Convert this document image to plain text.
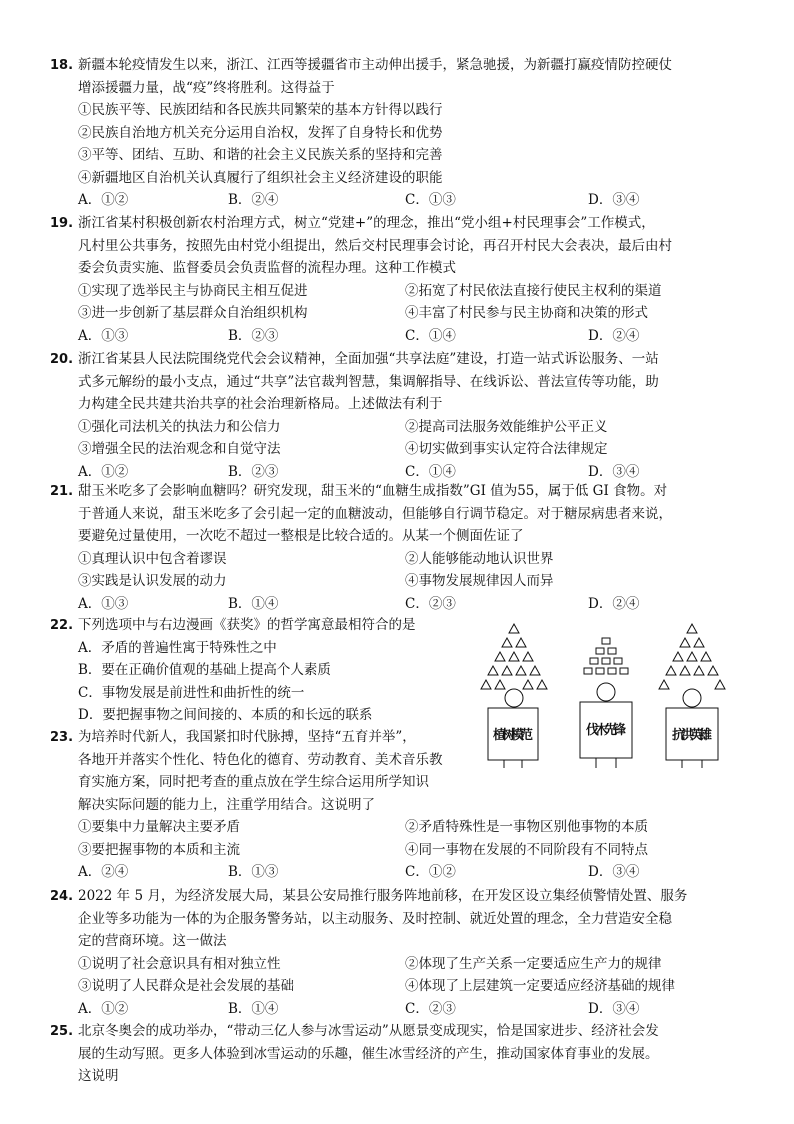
18. 新疆本轮疫情发生以来，浙江、江西等援疆省市主动伸出援手，紧急驰援，为新疆打赢疫情防控硬仗
增添援疆力量，战“疫”终将胜利。这得益于
①民族平等、民族团结和各民族共同繁荣的基本方针得以践行
②民族自治地方机关充分运用自治权，发挥了自身特长和优势
③平等、团结、互助、和谐的社会主义民族关系的坚持和完善
④新疆地区自治机关认真履行了组织社会主义经济建设的职能
A．①②	B．②④	C．①③	D．③④
19. 浙江省某村积极创新农村治理方式，树立“党建+”的理念，推出“党小组+村民理事会”工作模式，
凡村里公共事务，按照先由村党小组提出，然后交村民理事会讨论，再召开村民大会表决，最后由村
委会负责实施、监督委员会负责监督的流程办理。这种工作模式
①实现了选举民主与协商民主相互促进	②拓宽了村民依法直接行使民主权利的渠道
③进一步创新了基层群众自治组织机构	④丰富了村民参与民主协商和决策的形式
A．①③	B．②③	C．①④	D．②④
20. 浙江省某县人民法院围绕党代会会议精神，全面加强“共享法庭”建设，打造一站式诉讼服务、一站
式多元解纷的最小支点，通过“共享”法官裁判智慧，集调解指导、在线诉讼、普法宣传等功能，助
力构建全民共建共治共享的社会治理新格局。上述做法有利于
①强化司法机关的执法力和公信力	②提高司法服务效能维护公平正义
③增强全民的法治观念和自觉守法	④切实做到事实认定符合法律规定
A．①②	B．②③	C．①④	D．③④
21. 甜玉米吃多了会影响血糖吗？研究发现，甜玉米的“血糖生成指数”GI 值为55，属于低 GI 食物。对
于普通人来说，甜玉米吃多了会引起一定的血糖波动，但能够自行调节稳定。对于糖尿病患者来说，
要避免过量使用，一次吃不超过一整根是比较合适的。从某一个侧面佐证了
①真理认识中包含着谬误	②人能够能动地认识世界
③实践是认识发展的动力	④事物发展规律因人而异
A．①③	B．①④	C．②③	D．②④
22. 下列选项中与右边漫画《获奖》的哲学寓意最相符合的是
A．矛盾的普遍性寓于特殊性之中
B．要在正确价值观的基础上提高个人素质
C．事物发展是前进性和曲折性的统一
D．要把握事物之间间接的、本质的和长远的联系
植树模范	伐木先锋	抗洪英雄
23. 为培养时代新人，我国紧扣时代脉搏，坚持“五育并举”，
各地开并落实个性化、特色化的德育、劳动教育、美术音乐教
育实施方案，同时把考查的重点放在学生综合运用所学知识
解决实际问题的能力上，注重学用结合。这说明了
①要集中力量解决主要矛盾	②矛盾特殊性是一事物区别他事物的本质
③要把握事物的本质和主流	④同一事物在发展的不同阶段有不同特点
A．②④	B．①③	C．①②	D．③④
24. 2022 年 5 月，为经济发展大局，某县公安局推行服务阵地前移，在开发区设立集经侦警情处置、服务
企业等多功能为一体的为企服务警务站，以主动服务、及时控制、就近处置的理念，全力营造安全稳
定的营商环境。这一做法
①说明了社会意识具有相对独立性	②体现了生产关系一定要适应生产力的规律
③说明了人民群众是社会发展的基础	④体现了上层建筑一定要适应经济基础的规律
A．①②	B．①④	C．②③	D．③④
25. 北京冬奥会的成功举办，“带动三亿人参与冰雪运动”从愿景变成现实，恰是国家进步、经济社会发
展的生动写照。更多人体验到冰雪运动的乐趣，催生冰雪经济的产生，推动国家体育事业的发展。
这说明
